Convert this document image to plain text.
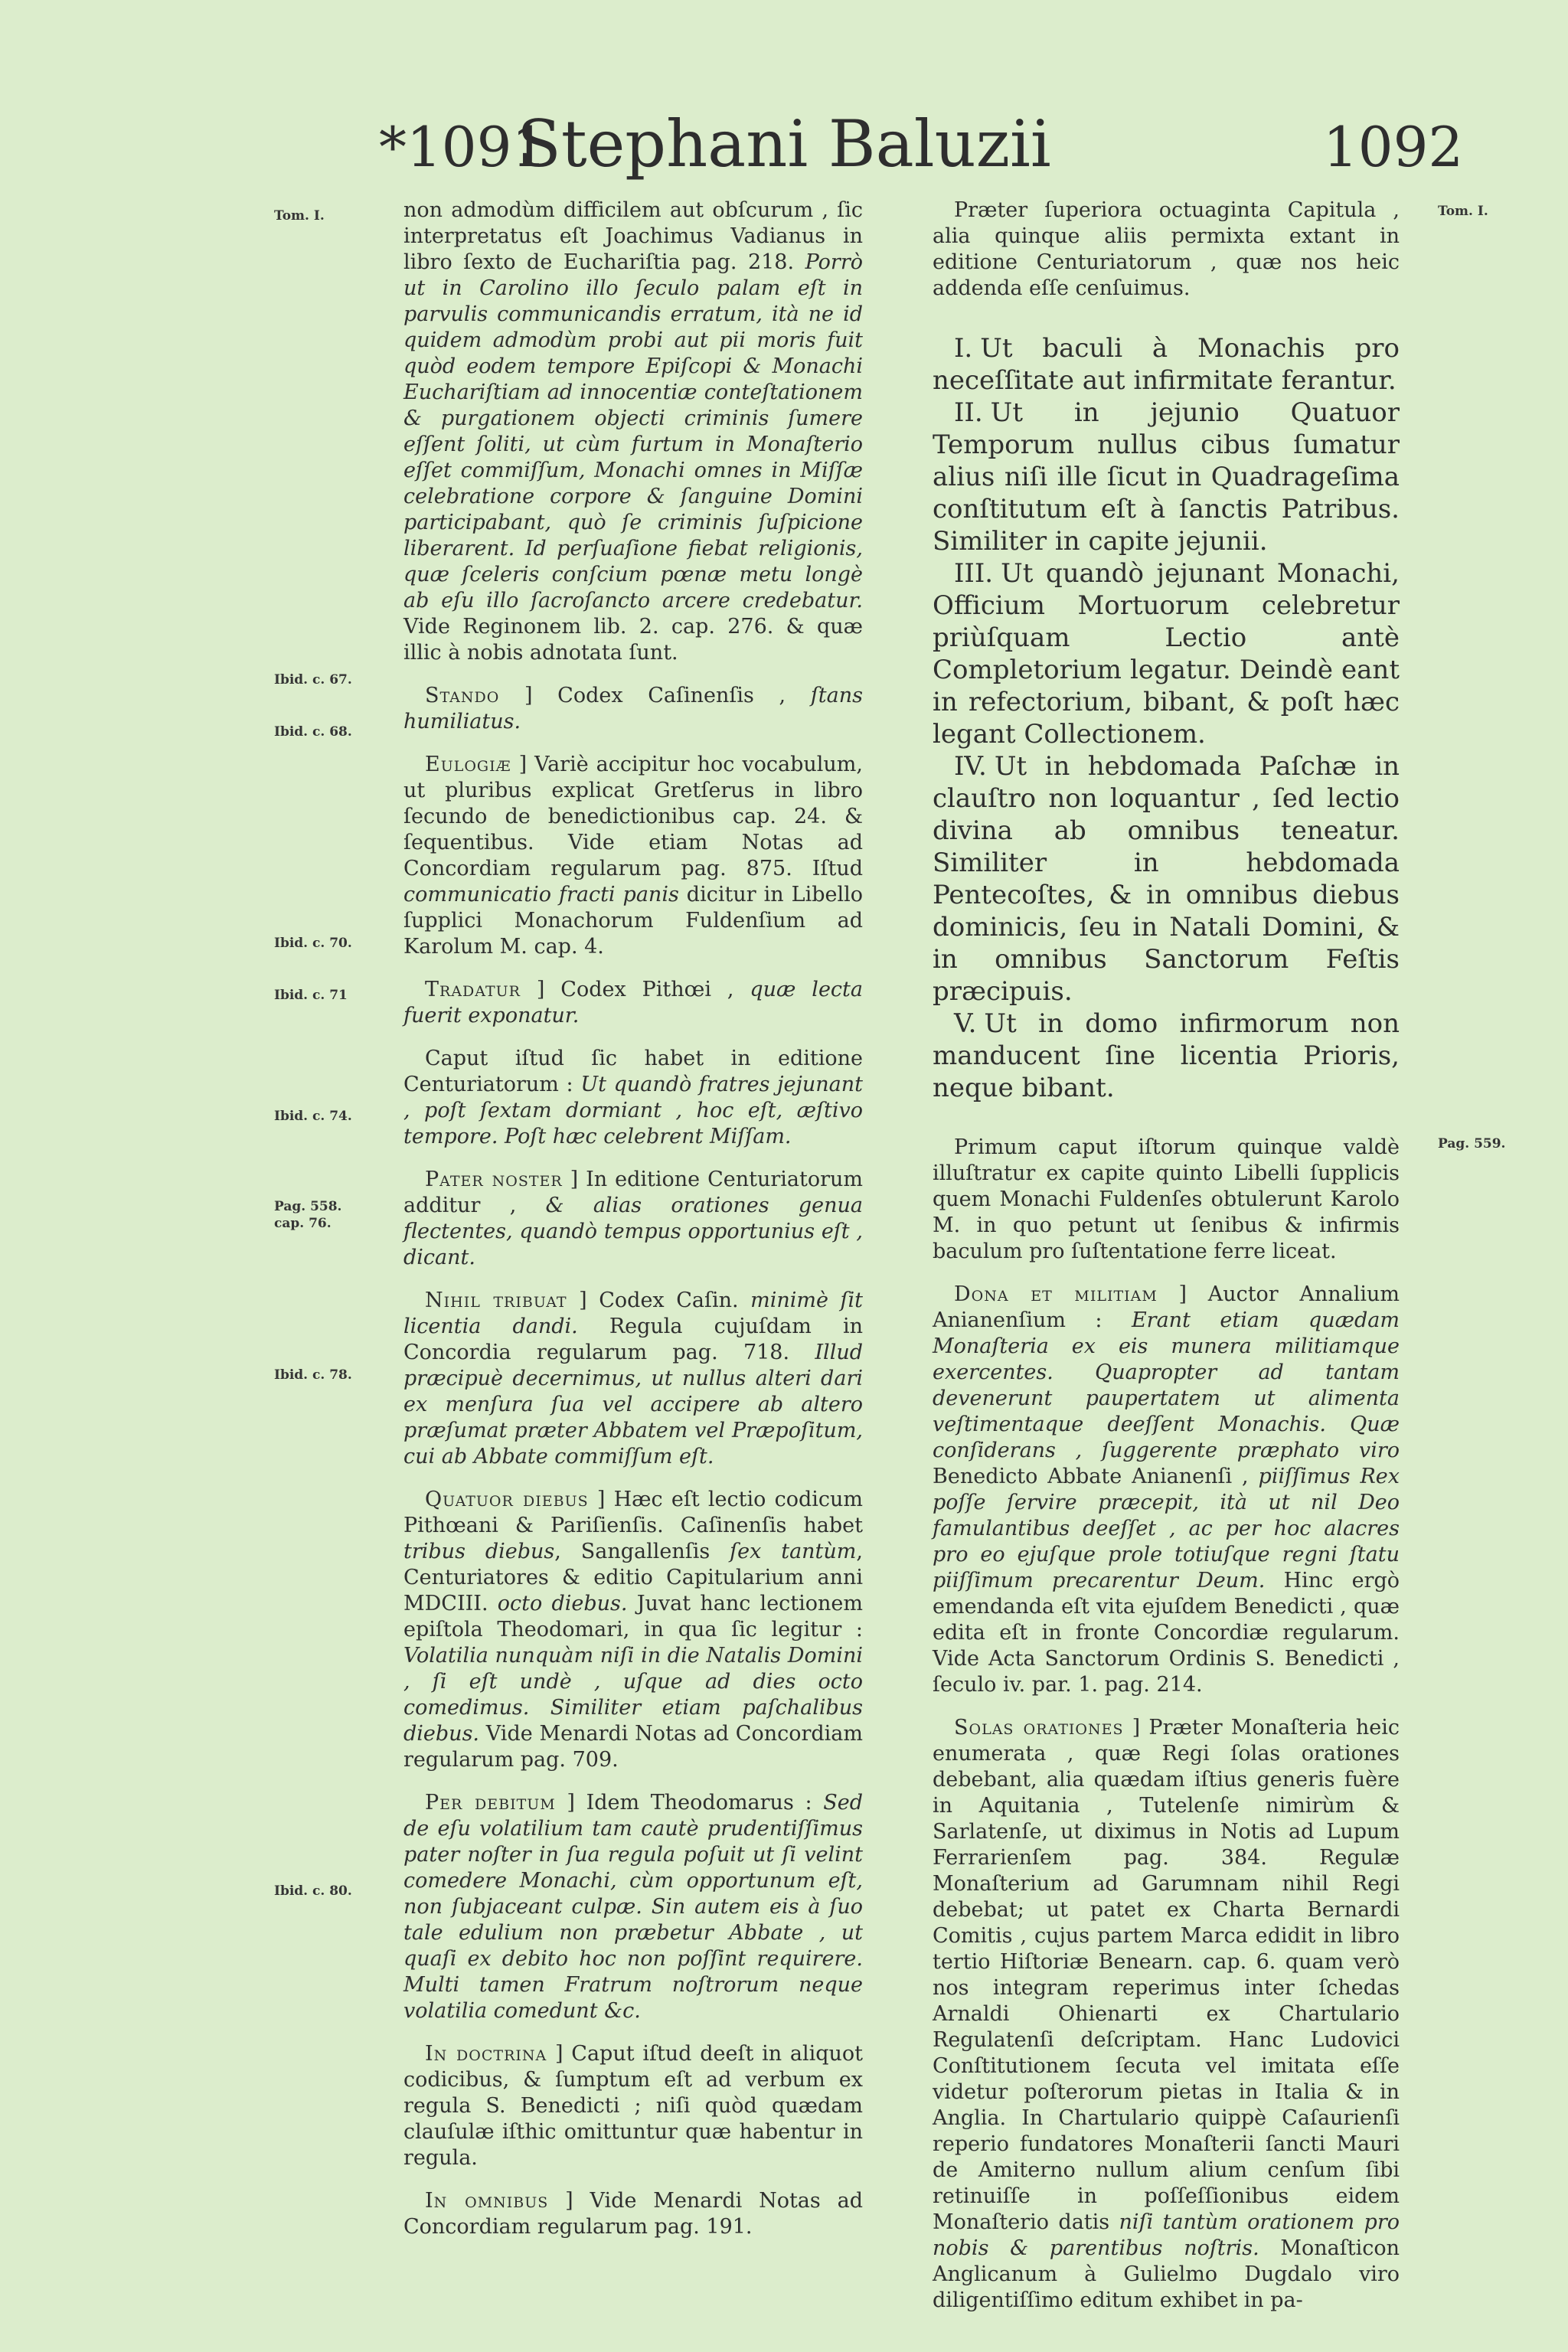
Stephani Baluzii
*1091	1092
Tom. I.
Ibid. c. 67.
Ibid. c. 68.
Ibid. c. 70.
Ibid. c. 71
Ibid. c. 74.
Pag. 558.
cap. 76.
Ibid. c. 78.
Ibid. c. 80.
Tom. I.
Pag. 559.

non admodùm difficilem aut obſcurum , ſic interpretatus eſt Joachimus Vadianus in libro ſexto de Euchariſtia pag. 218. Porrò ut in Carolino illo ſeculo palam eſt in parvulis communicandis erratum, ità ne id quidem admodùm probi aut pii moris fuit quòd eodem tempore Epiſcopi & Monachi Euchariſtiam ad innocentiæ conteſtationem & purgationem objecti criminis ſumere eſſent ſoliti, ut cùm furtum in Monaſterio eſſet commiſſum, Monachi omnes in Miſſæ celebratione corpore & ſanguine Domini participabant, quò ſe criminis ſuſpicione liberarent. Id perſuaſione fiebat religionis, quæ ſceleris conſcium pœnæ metu longè ab eſu illo ſacroſancto arcere credebatur. Vide Reginonem lib. 2. cap. 276. & quæ illic à nobis adnotata ſunt.

Stando ] Codex Caſinenſis , ſtans humiliatus.

Eulogiæ ] Variè accipitur hoc vocabulum, ut pluribus explicat Gretſerus in libro ſecundo de benedictionibus cap. 24. & ſequentibus. Vide etiam Notas ad Concordiam regularum pag. 875. Iſtud communicatio fracti panis dicitur in Libello ſupplici Monachorum Fuldenſium ad Karolum M. cap. 4.

Tradatur ] Codex Pithœi , quæ lecta fuerit exponatur.

Caput iſtud ſic habet in editione Centuriatorum : Ut quandò fratres jejunant , poſt ſextam dormiant , hoc eſt, æſtivo tempore. Poſt hæc celebrent Miſſam.

Pater noster ] In editione Centuriatorum additur , & alias orationes genua flectentes, quandò tempus opportunius eſt , dicant.

Nihil tribuat ] Codex Caſin. minimè ſit licentia dandi. Regula cujuſdam in Concordia regularum pag. 718. Illud præcipuè decernimus, ut nullus alteri dari ex menſura ſua vel accipere ab altero præſumat præter Abbatem vel Præpoſitum, cui ab Abbate commiſſum eſt.

Quatuor diebus ] Hæc eſt lectio codicum Pithœani & Pariſienſis. Caſinenſis habet tribus diebus, Sangallenſis ſex tantùm, Centuriatores & editio Capitularium anni MDCIII. octo diebus. Juvat hanc lectionem epiſtola Theodomari, in qua ſic legitur : Volatilia nunquàm niſi in die Natalis Domini , ſi eſt undè , uſque ad dies octo comedimus. Similiter etiam paſchalibus diebus. Vide Menardi Notas ad Concordiam regularum pag. 709.

Per debitum ] Idem Theodomarus : Sed de eſu volatilium tam cautè prudentiſſimus pater noſter in ſua regula poſuit ut ſi velint comedere Monachi, cùm opportunum eſt, non ſubjaceant culpæ. Sin autem eis à ſuo tale edulium non præbetur Abbate , ut quaſi ex debito hoc non poſſint requirere. Multi tamen Fratrum noſtrorum neque volatilia comedunt &c.

In doctrina ] Caput iſtud deeſt in aliquot codicibus, & ſumptum eſt ad verbum ex regula S. Benedicti ; niſi quòd quædam clauſulæ iſthic omittuntur quæ habentur in regula.

In omnibus ] Vide Menardi Notas ad Concordiam regularum pag. 191.

Præter ſuperiora octuaginta Capitula , alia quinque aliis permixta extant in editione Centuriatorum , quæ nos heic addenda eſſe cenſuimus.

I. Ut baculi à Monachis pro neceſſitate aut infirmitate ferantur.

II. Ut in jejunio Quatuor Temporum nullus cibus ſumatur alius niſi ille ſicut in Quadrageſima conſtitutum eſt à ſanctis Patribus. Similiter in capite jejunii.

III. Ut quandò jejunant Monachi, Officium Mortuorum celebretur priùſquam Lectio antè Completorium legatur. Deindè eant in refectorium, bibant, & poſt hæc legant Collectionem.

IV. Ut in hebdomada Paſchæ in clauſtro non loquantur , ſed lectio divina ab omnibus teneatur. Similiter in hebdomada Pentecoſtes, & in omnibus diebus dominicis, ſeu in Natali Domini, & in omnibus Sanctorum Feſtis præcipuis.

V. Ut in domo infirmorum non manducent ſine licentia Prioris, neque bibant.

Primum caput iſtorum quinque valdè illuſtratur ex capite quinto Libelli ſupplicis quem Monachi Fuldenſes obtulerunt Karolo M. in quo petunt ut ſenibus & infirmis baculum pro ſuſtentatione ferre liceat.

Dona et militiam ] Auctor Annalium Anianenſium : Erant etiam quædam Monaſteria ex eis munera militiamque exercentes. Quapropter ad tantam devenerunt paupertatem ut alimenta veſtimentaque deeſſent Monachis. Quæ conſiderans , ſuggerente præphato viro Benedicto Abbate Anianenſi , piiſſimus Rex poſſe ſervire præcepit, ità ut nil Deo famulantibus deeſſet , ac per hoc alacres pro eo ejuſque prole totiuſque regni ſtatu piiſſimum precarentur Deum. Hinc ergò emendanda eſt vita ejuſdem Benedicti , quæ edita eſt in fronte Concordiæ regularum. Vide Acta Sanctorum Ordinis S. Benedicti , ſeculo iv. par. 1. pag. 214.

Solas orationes ] Præter Monaſteria heic enumerata , quæ Regi ſolas orationes debebant, alia quædam iſtius generis fuère in Aquitania , Tutelenſe nimirùm & Sarlatenſe, ut diximus in Notis ad Lupum Ferrarienſem pag. 384. Regulæ Monaſterium ad Garumnam nihil Regi debebat; ut patet ex Charta Bernardi Comitis , cujus partem Marca edidit in libro tertio Hiſtoriæ Benearn. cap. 6. quam verò nos integram reperimus inter ſchedas Arnaldi Ohienarti ex Chartulario Regulatenſi deſcriptam. Hanc Ludovici Conſtitutionem ſecuta vel imitata eſſe videtur poſterorum pietas in Italia & in Anglia. In Chartulario quippè Caſaurienſi reperio fundatores Monaſterii ſancti Mauri de Amiterno nullum alium cenſum ſibi retinuiſſe in poſſeſſionibus eidem Monaſterio datis niſi tantùm orationem pro nobis & parentibus noſtris. Monaſticon Anglicanum à Gulielmo Dugdalo viro diligentiſſimo editum exhibet in pa-
